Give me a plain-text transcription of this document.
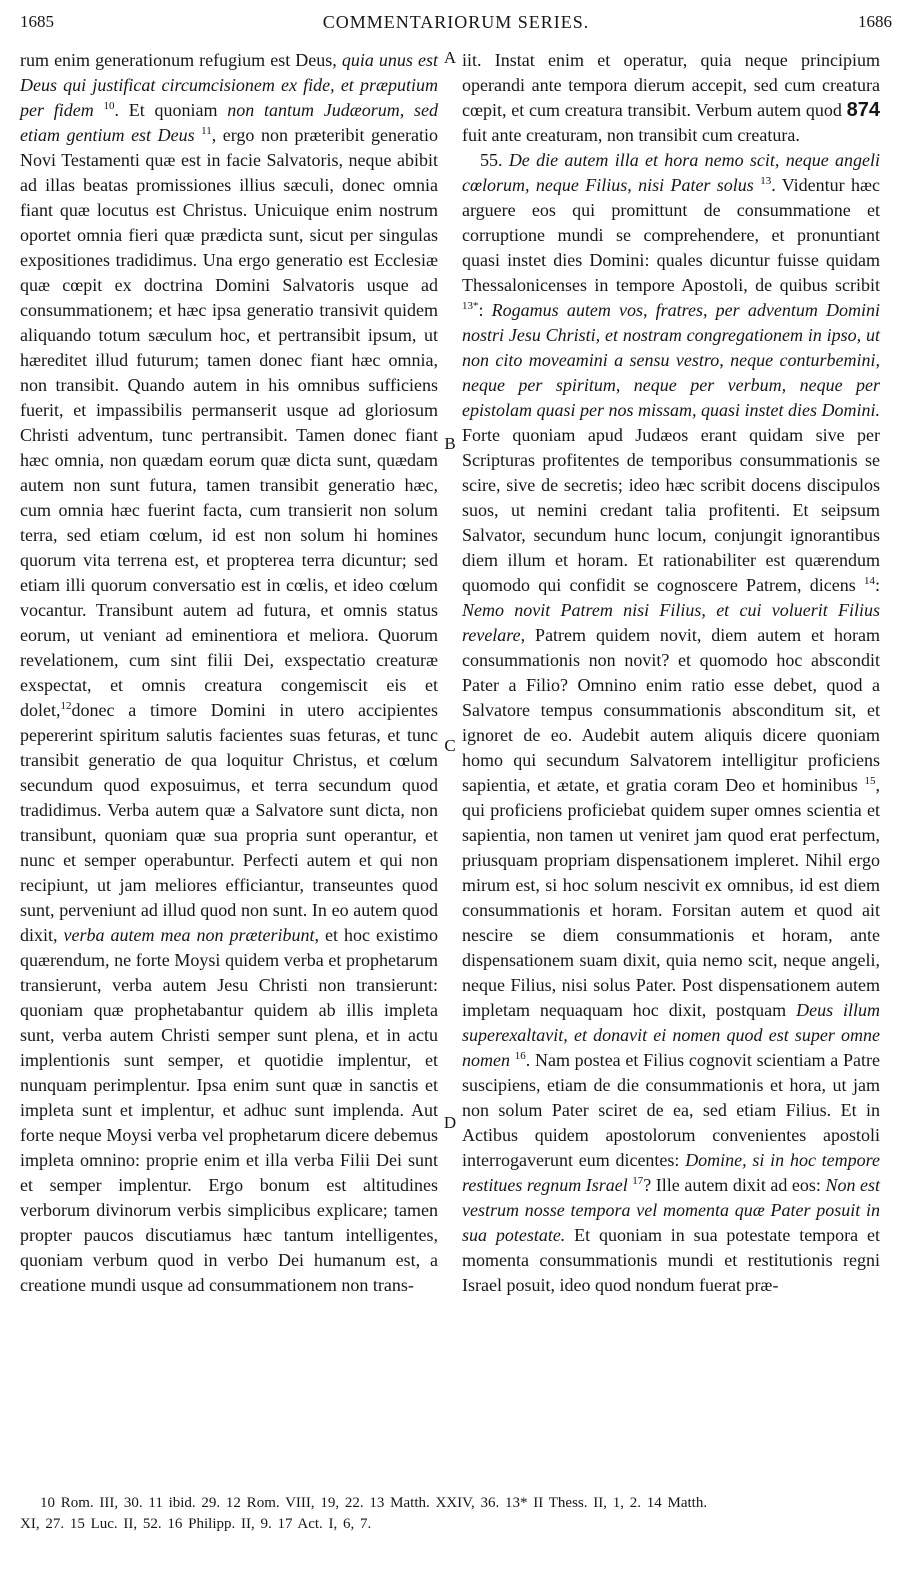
1685	COMMENTARIORUM SERIES.	1686

rum enim generationum refugium est Deus, quia unus est Deus qui justificat circumcisionem ex fide, et præputium per fidem $^{10}$. Et quoniam non tantum Judæorum, sed etiam gentium est Deus $^{11}$, ergo non præteribit generatio Novi Testamenti quæ est in facie Salvatoris, neque abibit ad illas beatas promissiones illius sæculi, donec omnia fiant quæ locutus est Christus. Unicuique enim nostrum oportet omnia fieri quæ prædicta sunt, sicut per singulas expositiones tradidimus. Una ergo generatio est Ecclesiæ quæ cœpit ex doctrina Domini Salvatoris usque ad consummationem; et hæc ipsa generatio transivit quidem aliquando totum sæculum hoc, et pertransibit ipsum, ut hæreditet illud futurum; tamen donec fiant hæc omnia, non transibit. Quando autem in his omnibus sufficiens fuerit, et impassibilis permanserit usque ad gloriosum Christi adventum, tunc pertransibit. Tamen donec fiant hæc omnia, non quædam eorum quæ dicta sunt, quædam autem non sunt futura, tamen transibit generatio hæc, cum omnia hæc fuerint facta, cum transierit non solum terra, sed etiam cœlum, id est non solum hi homines quorum vita terrena est, et propterea terra dicuntur; sed etiam illi quorum conversatio est in cœlis, et ideo cœlum vocantur. Transibunt autem ad futura, et omnis status eorum, ut veniant ad eminentiora et meliora. Quorum revelationem, cum sint filii Dei, exspectatio creaturæ exspectat, et omnis creatura congemiscit eis et dolet,$^{12}$donec a timore Domini in utero accipientes pepererint spiritum salutis facientes suas feturas, et tunc transibit generatio de qua loquitur Christus, et cœlum secundum quod exposuimus, et terra secundum quod tradidimus. Verba autem quæ a Salvatore sunt dicta, non transibunt, quoniam quæ sua propria sunt operantur, et nunc et semper operabuntur. Perfecti autem et qui non recipiunt, ut jam meliores efficiantur, transeuntes quod sunt, perveniunt ad illud quod non sunt. In eo autem quod dixit, verba autem mea non præteribunt, et hoc existimo quærendum, ne forte Moysi quidem verba et prophetarum transierunt, verba autem Jesu Christi non transierunt: quoniam quæ prophetabantur quidem ab illis impleta sunt, verba autem Christi semper sunt plena, et in actu implentionis sunt semper, et quotidie implentur, et nunquam perimplentur. Ipsa enim sunt quæ in sanctis et impleta sunt et implentur, et adhuc sunt implenda. Aut forte neque Moysi verba vel prophetarum dicere debemus impleta omnino: proprie enim et illa verba Filii Dei sunt et semper implentur. Ergo bonum est altitudines verborum divinorum verbis simplicibus explicare; tamen propter paucos discutiamus hæc tantum intelligentes, quoniam verbum quod in verbo Dei humanum est, a creatione mundi usque ad consummationem non trans-

A
B
C
D

iit. Instat enim et operatur, quia neque principium operandi ante tempora dierum accepit, sed cum creatura cœpit, et cum creatura transibit. Verbum autem quod 874 fuit ante creaturam, non transibit cum creatura.

55. De die autem illa et hora nemo scit, neque angeli cœlorum, neque Filius, nisi Pater solus $^{13}$. Videntur hæc arguere eos qui promittunt de consummatione et corruptione mundi se comprehendere, et pronuntiant quasi instet dies Domini: quales dicuntur fuisse quidam Thessalonicenses in tempore Apostoli, de quibus scribit $^{13*}$: Rogamus autem vos, fratres, per adventum Domini nostri Jesu Christi, et nostram congregationem in ipso, ut non cito moveamini a sensu vestro, neque conturbemini, neque per spiritum, neque per verbum, neque per epistolam quasi per nos missam, quasi instet dies Domini. Forte quoniam apud Judæos erant quidam sive per Scripturas profitentes de temporibus consummationis se scire, sive de secretis; ideo hæc scribit docens discipulos suos, ut nemini credant talia profitenti. Et seipsum Salvator, secundum hunc locum, conjungit ignorantibus diem illum et horam. Et rationabiliter est quærendum quomodo qui confidit se cognoscere Patrem, dicens $^{14}$: Nemo novit Patrem nisi Filius, et cui voluerit Filius revelare, Patrem quidem novit, diem autem et horam consummationis non novit? et quomodo hoc abscondit Pater a Filio? Omnino enim ratio esse debet, quod a Salvatore tempus consummationis absconditum sit, et ignoret de eo. Audebit autem aliquis dicere quoniam homo qui secundum Salvatorem intelligitur proficiens sapientia, et ætate, et gratia coram Deo et hominibus $^{15}$, qui proficiens proficiebat quidem super omnes scientia et sapientia, non tamen ut veniret jam quod erat perfectum, priusquam propriam dispensationem impleret. Nihil ergo mirum est, si hoc solum nescivit ex omnibus, id est diem consummationis et horam. Forsitan autem et quod ait nescire se diem consummationis et horam, ante dispensationem suam dixit, quia nemo scit, neque angeli, neque Filius, nisi solus Pater. Post dispensationem autem impletam nequaquam hoc dixit, postquam Deus illum superexaltavit, et donavit ei nomen quod est super omne nomen $^{16}$. Nam postea et Filius cognovit scientiam a Patre suscipiens, etiam de die consummationis et hora, ut jam non solum Pater sciret de ea, sed etiam Filius. Et in Actibus quidem apostolorum convenientes apostoli interrogaverunt eum dicentes: Domine, si in hoc tempore restitues regnum Israel $^{17}$? Ille autem dixit ad eos: Non est vestrum nosse tempora vel momenta quæ Pater posuit in sua potestate. Et quoniam in sua potestate tempora et momenta consummationis mundi et restitutionis regni Israel posuit, ideo quod nondum fuerat præ-

10 Rom. III, 30. 11 ibid. 29. 12 Rom. VIII, 19, 22. 13 Matth. XXIV, 36. 13* II Thess. II, 1, 2. 14 Matth.
XI, 27. 15 Luc. II, 52. 16 Philipp. II, 9. 17 Act. I, 6, 7.
